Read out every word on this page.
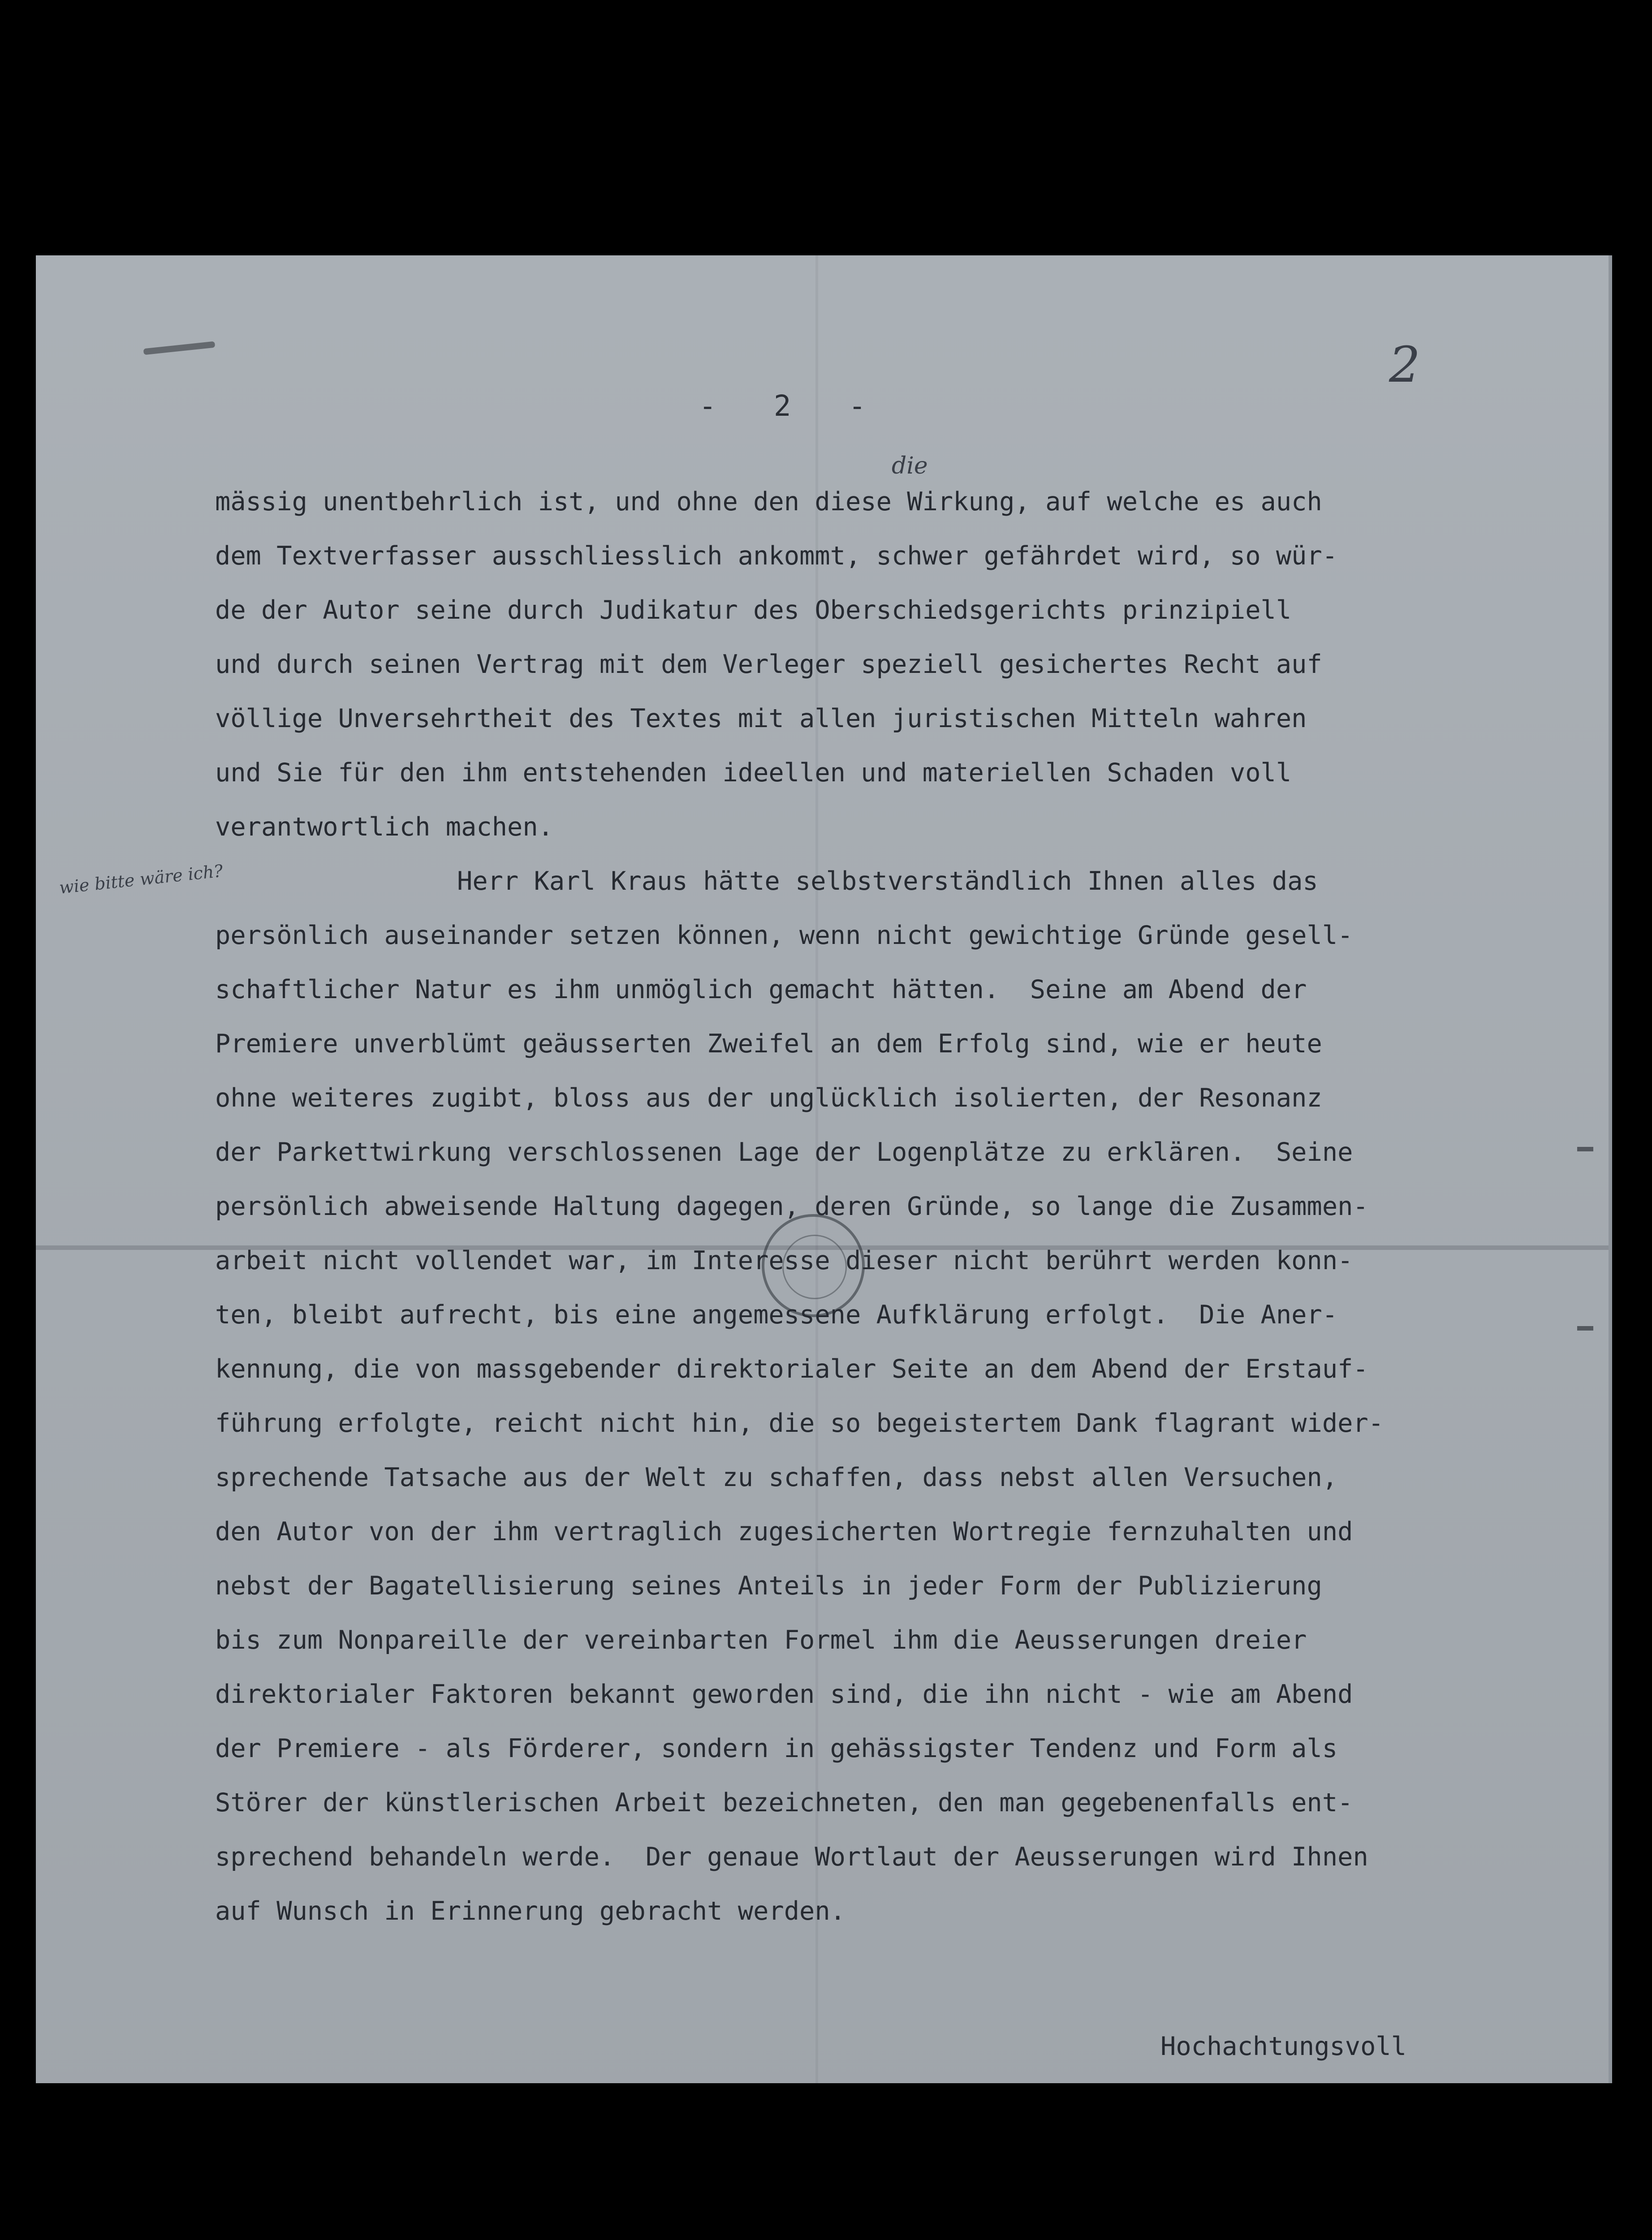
-   2   -
2
die
wie bitte wäre ich?
mässig unentbehrlich ist, und ohne den diese Wirkung, auf welche es auch
dem Textverfasser ausschliesslich ankommt, schwer gefährdet wird, so wür-
de der Autor seine durch Judikatur des Oberschiedsgerichts prinzipiell
und durch seinen Vertrag mit dem Verleger speziell gesichertes Recht auf
völlige Unversehrtheit des Textes mit allen juristischen Mitteln wahren
und Sie für den ihm entstehenden ideellen und materiellen Schaden voll
verantwortlich machen.
Herr Karl Kraus hätte selbstverständlich Ihnen alles das
persönlich auseinander setzen können, wenn nicht gewichtige Gründe gesell-
schaftlicher Natur es ihm unmöglich gemacht hätten.  Seine am Abend der
Premiere unverblümt geäusserten Zweifel an dem Erfolg sind, wie er heute
ohne weiteres zugibt, bloss aus der unglücklich isolierten, der Resonanz
der Parkettwirkung verschlossenen Lage der Logenplätze zu erklären.  Seine
persönlich abweisende Haltung dagegen, deren Gründe, so lange die Zusammen-
arbeit nicht vollendet war, im Interesse dieser nicht berührt werden konn-
ten, bleibt aufrecht, bis eine angemessene Aufklärung erfolgt.  Die Aner-
kennung, die von massgebender direktorialer Seite an dem Abend der Erstauf-
führung erfolgte, reicht nicht hin, die so begeistertem Dank flagrant wider-
sprechende Tatsache aus der Welt zu schaffen, dass nebst allen Versuchen,
den Autor von der ihm vertraglich zugesicherten Wortregie fernzuhalten und
nebst der Bagatellisierung seines Anteils in jeder Form der Publizierung
bis zum Nonpareille der vereinbarten Formel ihm die Aeusserungen dreier
direktorialer Faktoren bekannt geworden sind, die ihn nicht - wie am Abend
der Premiere - als Förderer, sondern in gehässigster Tendenz und Form als
Störer der künstlerischen Arbeit bezeichneten, den man gegebenenfalls ent-
sprechend behandeln werde.  Der genaue Wortlaut der Aeusserungen wird Ihnen
auf Wunsch in Erinnerung gebracht werden.
Hochachtungsvoll
